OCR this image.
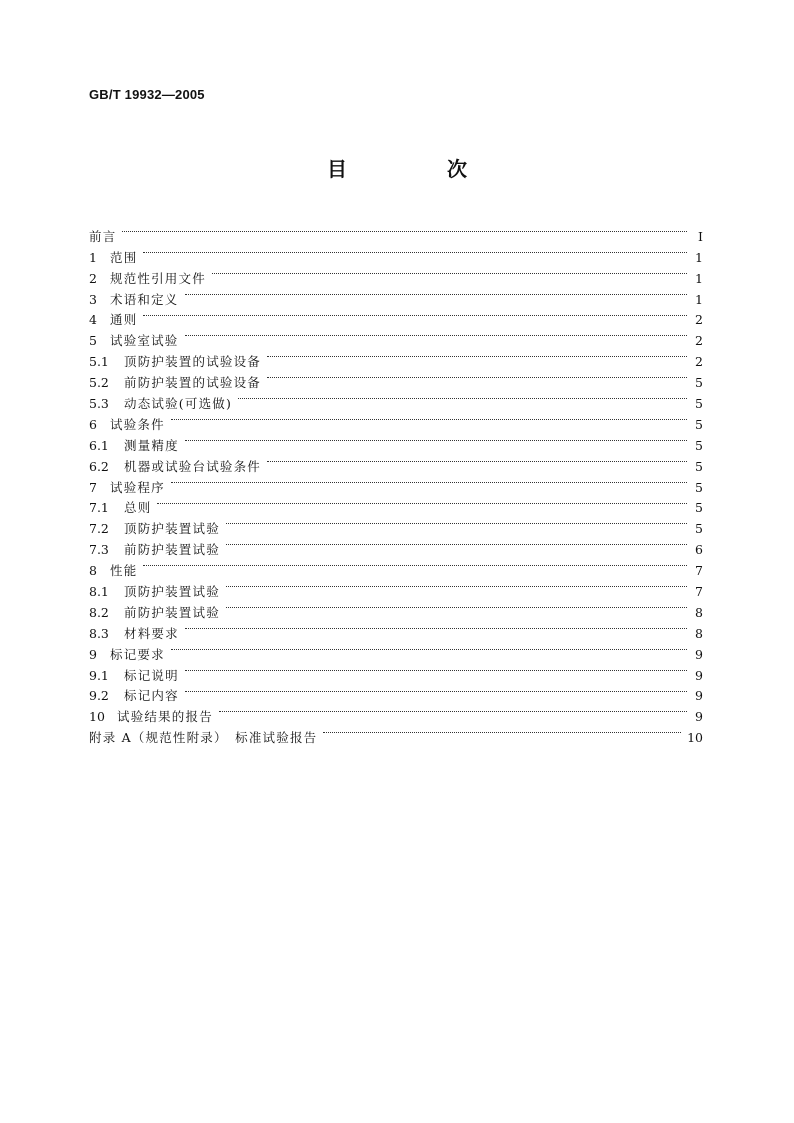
GB/T 19932—2005
目　次
前言	Ⅰ
1	范围	1
2	规范性引用文件	1
3	术语和定义	1
4	通则	2
5	试验室试验	2
5.1	顶防护装置的试验设备	2
5.2	前防护装置的试验设备	5
5.3	动态试验(可选做)	5
6	试验条件	5
6.1	测量精度	5
6.2	机器或试验台试验条件	5
7	试验程序	5
7.1	总则	5
7.2	顶防护装置试验	5
7.3	前防护装置试验	6
8	性能	7
8.1	顶防护装置试验	7
8.2	前防护装置试验	8
8.3	材料要求	8
9	标记要求	9
9.1	标记说明	9
9.2	标记内容	9
10 试验结果的报告	9
附录 A（规范性附录）　标准试验报告	10
